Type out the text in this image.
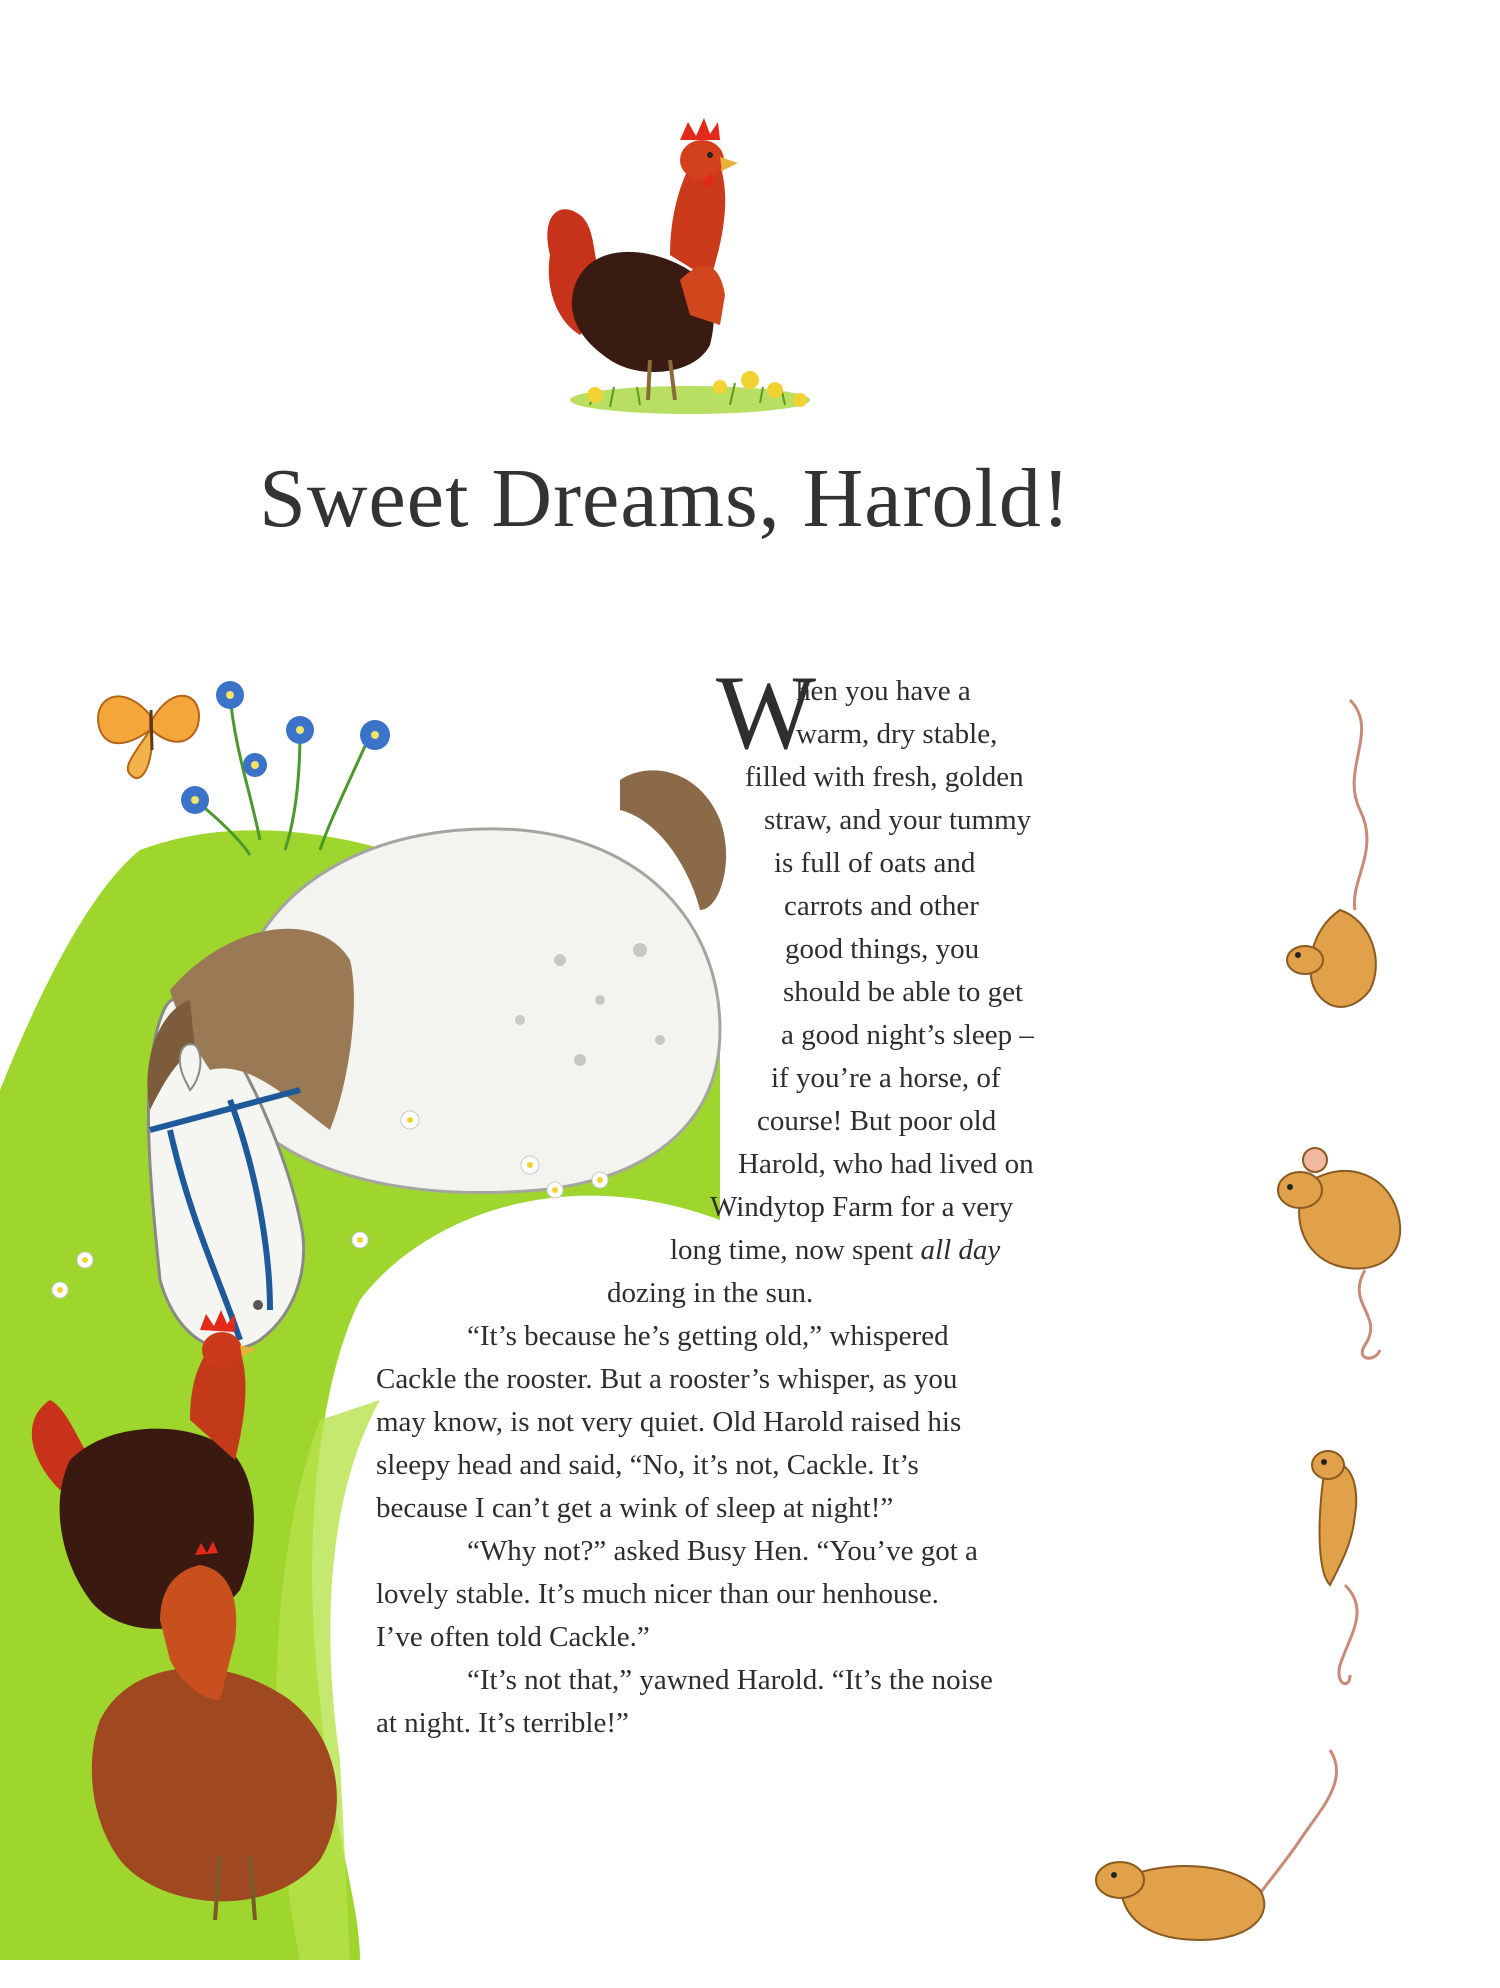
Sweet Dreams, Harold!
W
hen you have a
warm, dry stable,
filled with fresh, golden
straw, and your tummy
is full of oats and
carrots and other
good things, you
should be able to get
a good night’s sleep –
if you’re a horse, of
course! But poor old
Harold, who had lived on
Windytop Farm for a very
long time, now spent all day
dozing in the sun.
“It’s because he’s getting old,” whispered
Cackle the rooster. But a rooster’s whisper, as you
may know, is not very quiet. Old Harold raised his
sleepy head and said, “No, it’s not, Cackle. It’s
because I can’t get a wink of sleep at night!”
“Why not?” asked Busy Hen. “You’ve got a
lovely stable. It’s much nicer than our henhouse.
I’ve often told Cackle.”
“It’s not that,” yawned Harold. “It’s the noise
at night. It’s terrible!”
